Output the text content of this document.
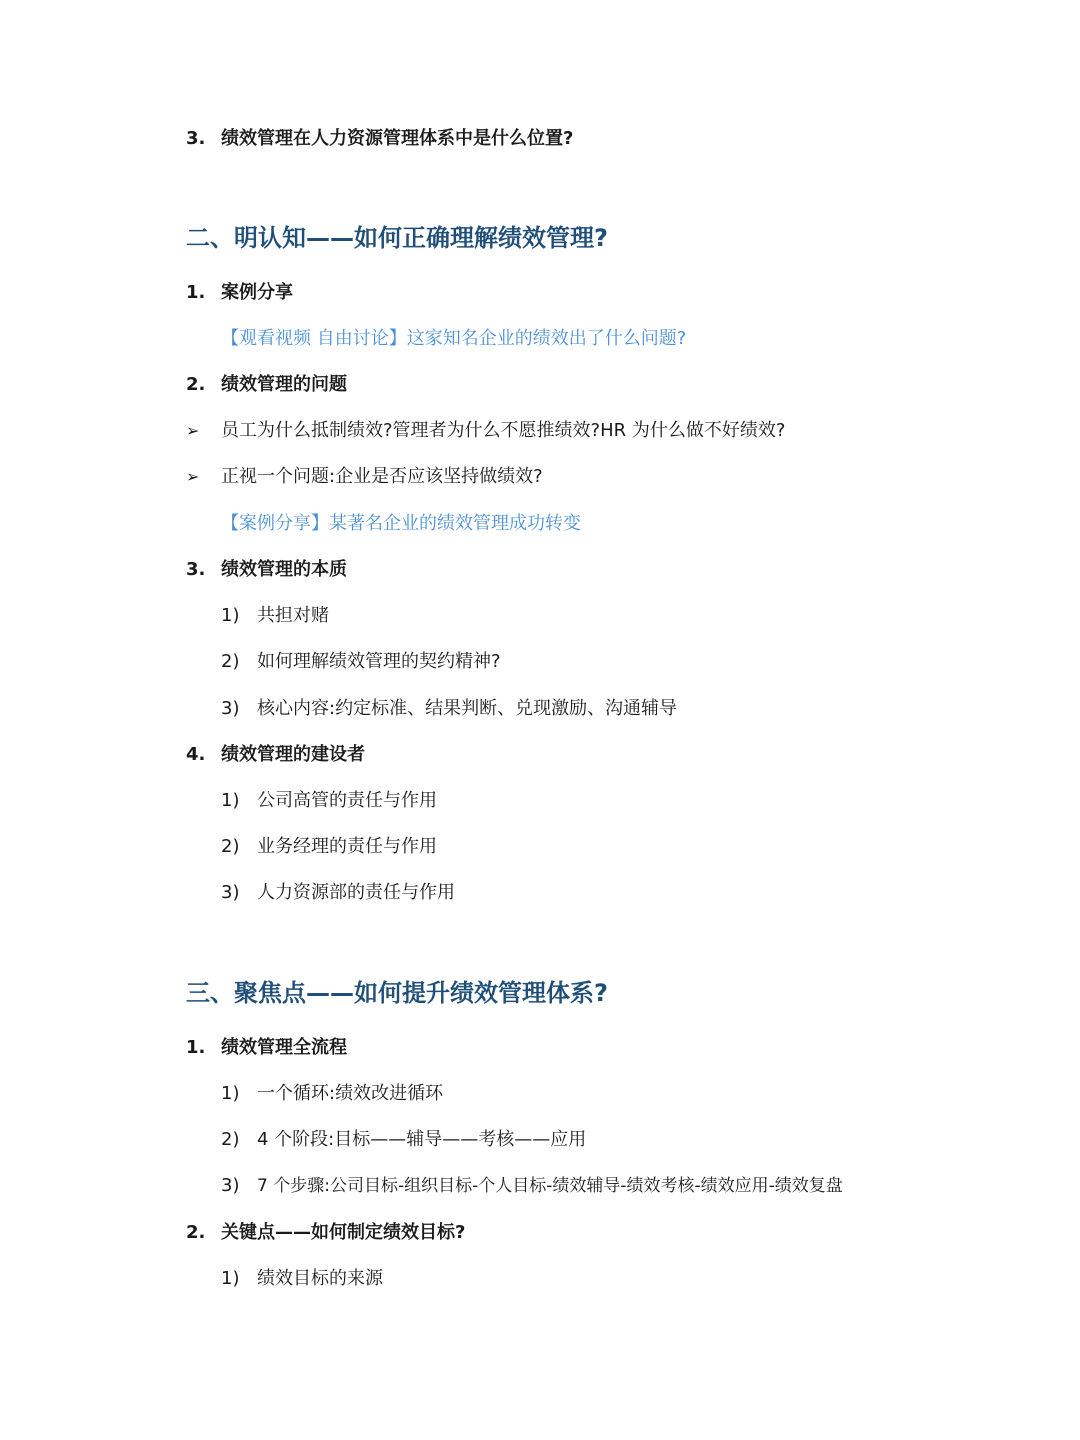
3. 绩效管理在人力资源管理体系中是什么位置?
二、明认知——如何正确理解绩效管理?
1. 案例分享
【观看视频 自由讨论】这家知名企业的绩效出了什么问题?
2. 绩效管理的问题
➢ 员工为什么抵制绩效?管理者为什么不愿推绩效?HR 为什么做不好绩效?
➢ 正视一个问题:企业是否应该坚持做绩效?
【案例分享】某著名企业的绩效管理成功转变
3. 绩效管理的本质
1) 共担对赌
2) 如何理解绩效管理的契约精神?
3) 核心内容:约定标准、结果判断、兑现激励、沟通辅导
4. 绩效管理的建设者
1) 公司高管的责任与作用
2) 业务经理的责任与作用
3) 人力资源部的责任与作用
三、聚焦点——如何提升绩效管理体系?
1. 绩效管理全流程
1) 一个循环:绩效改进循环
2) 4 个阶段:目标——辅导——考核——应用
3) 7 个步骤:公司目标-组织目标-个人目标-绩效辅导-绩效考核-绩效应用-绩效复盘
2. 关键点——如何制定绩效目标?
1) 绩效目标的来源
